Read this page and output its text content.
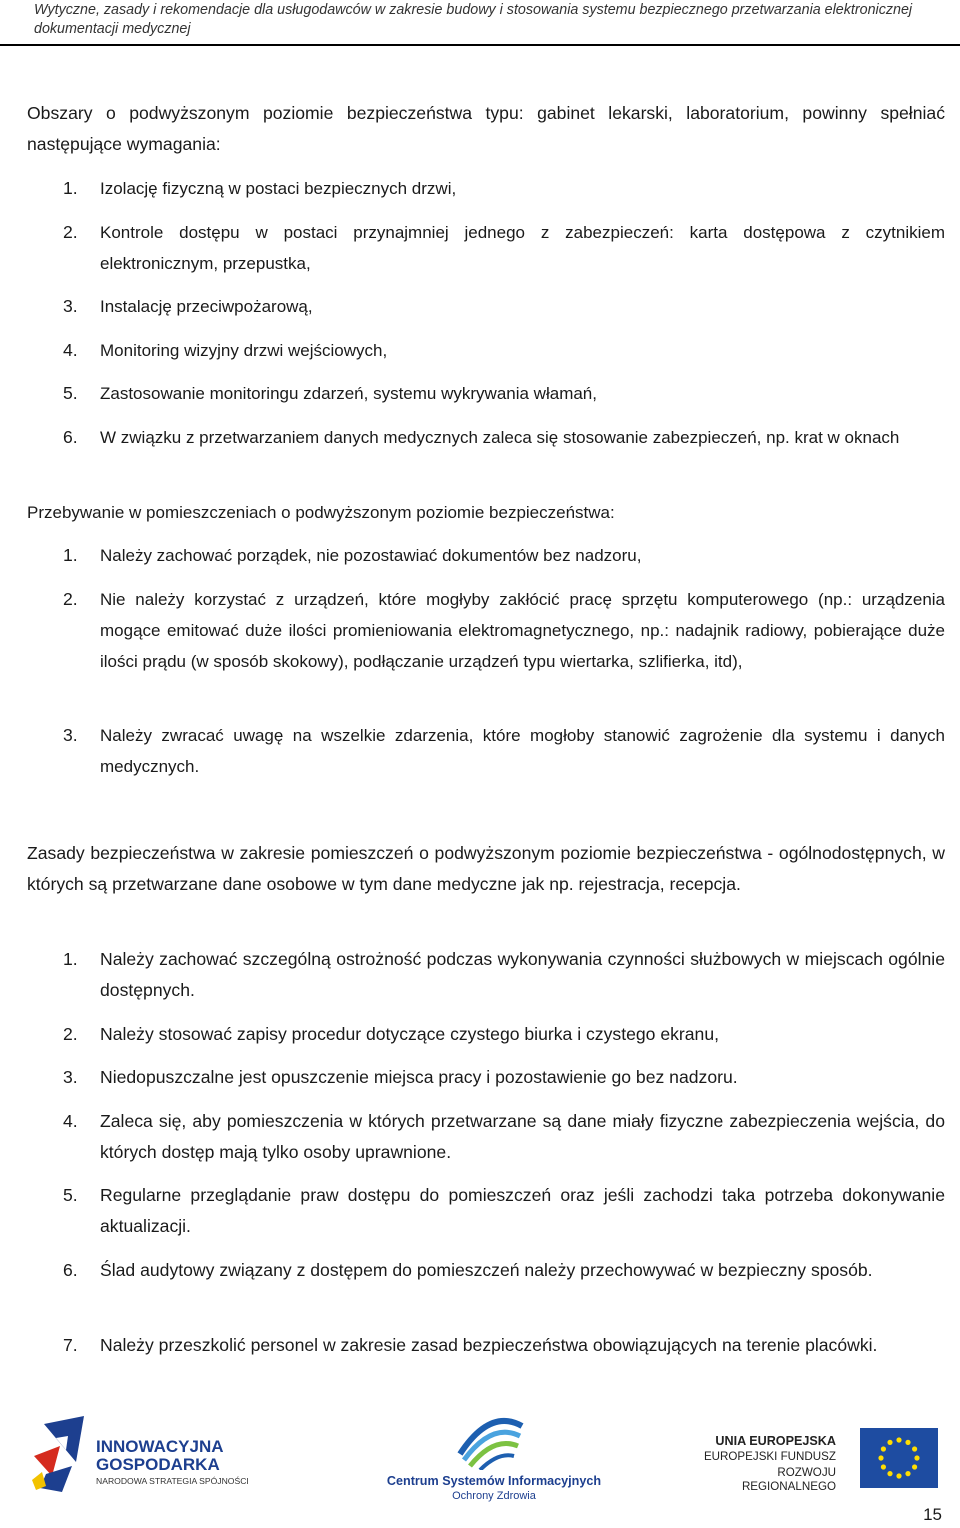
Wytyczne, zasady i rekomendacje dla usługodawców w zakresie budowy i stosowania systemu bezpiecznego przetwarzania elektronicznej dokumentacji medycznej
Obszary o podwyższonym poziomie bezpieczeństwa typu: gabinet lekarski, laboratorium, powinny spełniać następujące wymagania:
1.	Izolację fizyczną w postaci bezpiecznych drzwi,
2.	Kontrole dostępu w postaci przynajmniej jednego z zabezpieczeń: karta dostępowa z czytnikiem elektronicznym, przepustka,
3.	Instalację przeciwpożarową,
4.	Monitoring wizyjny drzwi wejściowych,
5.	Zastosowanie monitoringu zdarzeń, systemu wykrywania włamań,
6.	W związku z przetwarzaniem danych medycznych zaleca się stosowanie zabezpieczeń, np. krat w oknach
Przebywanie w pomieszczeniach o podwyższonym poziomie bezpieczeństwa:
1.	Należy zachować porządek, nie pozostawiać dokumentów bez nadzoru,
2.	Nie należy korzystać z urządzeń, które mogłyby zakłócić pracę sprzętu komputerowego (np.: urządzenia mogące emitować duże ilości promieniowania elektromagnetycznego, np.: nadajnik radiowy, pobierające duże ilości prądu (w sposób skokowy), podłączanie urządzeń typu wiertarka, szlifierka, itd),
3.	Należy zwracać uwagę na wszelkie zdarzenia, które mogłoby stanowić zagrożenie dla systemu i danych medycznych.
Zasady bezpieczeństwa w zakresie pomieszczeń o podwyższonym poziomie bezpieczeństwa - ogólnodostępnych, w których są przetwarzane dane osobowe w tym dane medyczne jak np. rejestracja, recepcja.
1.	Należy zachować szczególną ostrożność podczas wykonywania czynności służbowych w miejscach ogólnie dostępnych.
2.	Należy stosować zapisy procedur dotyczące czystego biurka i czystego ekranu,
3.	Niedopuszczalne jest opuszczenie miejsca pracy i pozostawienie go bez nadzoru.
4.	Zaleca się, aby pomieszczenia w których przetwarzane są dane miały fizyczne zabezpieczenia wejścia, do których dostęp mają tylko osoby uprawnione.
5.	Regularne przeglądanie praw dostępu do pomieszczeń oraz jeśli zachodzi taka potrzeba dokonywanie aktualizacji.
6.	Ślad audytowy związany z dostępem do pomieszczeń należy przechowywać w bezpieczny sposób.
7.	Należy przeszkolić personel w zakresie zasad bezpieczeństwa obowiązujących na terenie placówki.
INNOWACYJNA
GOSPODARKA
NARODOWA STRATEGIA SPÓJNOŚCI	Centrum Systemów Informacyjnych
Ochrony Zdrowia
UNIA EUROPEJSKA
EUROPEJSKI FUNDUSZ
ROZWOJU REGIONALNEGO
15
